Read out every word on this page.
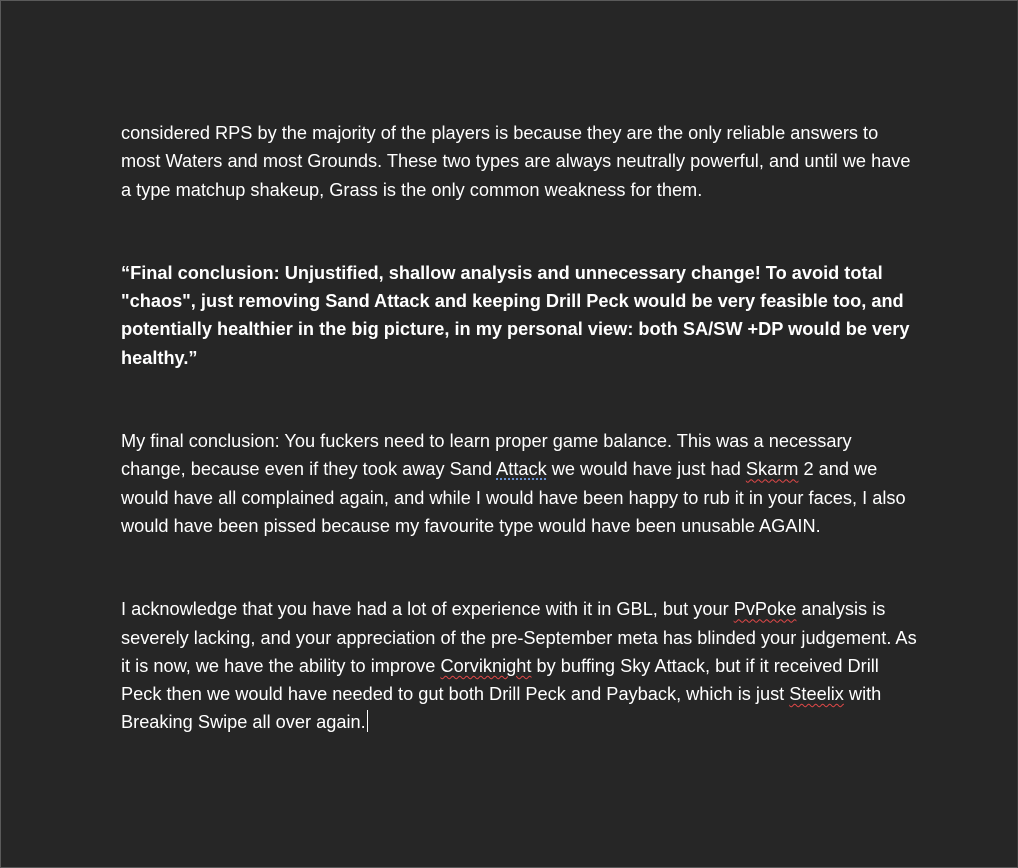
considered RPS by the majority of the players is because they are the only reliable answers to most Waters and most Grounds. These two types are always neutrally powerful, and until we have a type matchup shakeup, Grass is the only common weakness for them.

“Final conclusion: Unjustified, shallow analysis and unnecessary change! To avoid total "chaos", just removing Sand Attack and keeping Drill Peck would be very feasible too, and potentially healthier in the big picture, in my personal view: both SA/SW +DP would be very healthy.”

My final conclusion: You fuckers need to learn proper game balance. This was a necessary change, because even if they took away Sand Attack we would have just had Skarm 2 and we would have all complained again, and while I would have been happy to rub it in your faces, I also would have been pissed because my favourite type would have been unusable AGAIN.

I acknowledge that you have had a lot of experience with it in GBL, but your PvPoke analysis is severely lacking, and your appreciation of the pre-September meta has blinded your judgement. As it is now, we have the ability to improve Corviknight by buffing Sky Attack, but if it received Drill Peck then we would have needed to gut both Drill Peck and Payback, which is just Steelix with Breaking Swipe all over again.
